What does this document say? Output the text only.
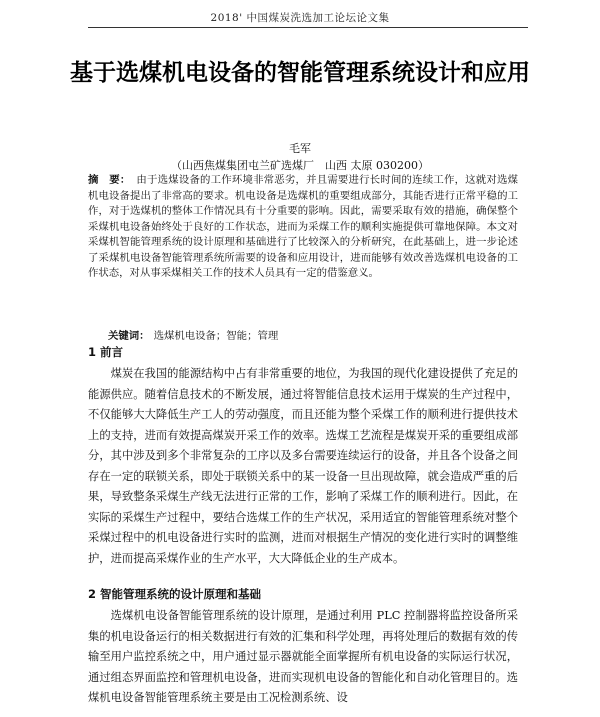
2018' 中国煤炭洗选加工论坛论文集
基于选煤机电设备的智能管理系统设计和应用
毛军
（山西焦煤集团屯兰矿选煤厂　山西 太原 030200）
摘　要： 由于选煤设备的工作环境非常恶劣，并且需要进行长时间的连续工作，这就对选煤机电设备提出了非常高的要求。机电设备是选煤机的重要组成部分，其能否进行正常平稳的工作，对于选煤机的整体工作情况具有十分重要的影响。因此，需要采取有效的措施，确保整个采煤机电设备始终处于良好的工作状态，进而为采煤工作的顺利实施提供可靠地保障。本文对采煤机智能管理系统的设计原理和基础进行了比较深入的分析研究，在此基础上，进一步论述了采煤机电设备智能管理系统所需要的设备和应用设计，进而能够有效改善选煤机电设备的工作状态，对从事采煤相关工作的技术人员具有一定的借鉴意义。
关键词： 选煤机电设备；智能；管理
1 前言
煤炭在我国的能源结构中占有非常重要的地位，为我国的现代化建设提供了充足的能源供应。随着信息技术的不断发展，通过将智能信息技术运用于煤炭的生产过程中，不仅能够大大降低生产工人的劳动强度，而且还能为整个采煤工作的顺利进行提供技术上的支持，进而有效提高煤炭开采工作的效率。选煤工艺流程是煤炭开采的重要组成部分，其中涉及到多个非常复杂的工序以及多台需要连续运行的设备，并且各个设备之间存在一定的联锁关系，即处于联锁关系中的某一设备一旦出现故障，就会造成严重的后果，导致整条采煤生产线无法进行正常的工作，影响了采煤工作的顺利进行。因此，在实际的采煤生产过程中，要结合选煤工作的生产状况，采用适宜的智能管理系统对整个采煤过程中的机电设备进行实时的监测，进而对根据生产情况的变化进行实时的调整维护，进而提高采煤作业的生产水平，大大降低企业的生产成本。
2 智能管理系统的设计原理和基础
选煤机电设备智能管理系统的设计原理，是通过利用 PLC 控制器将监控设备所采集的机电设备运行的相关数据进行有效的汇集和科学处理，再将处理后的数据有效的传输至用户监控系统之中，用户通过显示器就能全面掌握所有机电设备的实际运行状况，通过组态界面监控和管理机电设备，进而实现机电设备的智能化和自动化管理目的。选煤机电设备智能管理系统主要是由工况检测系统、设
